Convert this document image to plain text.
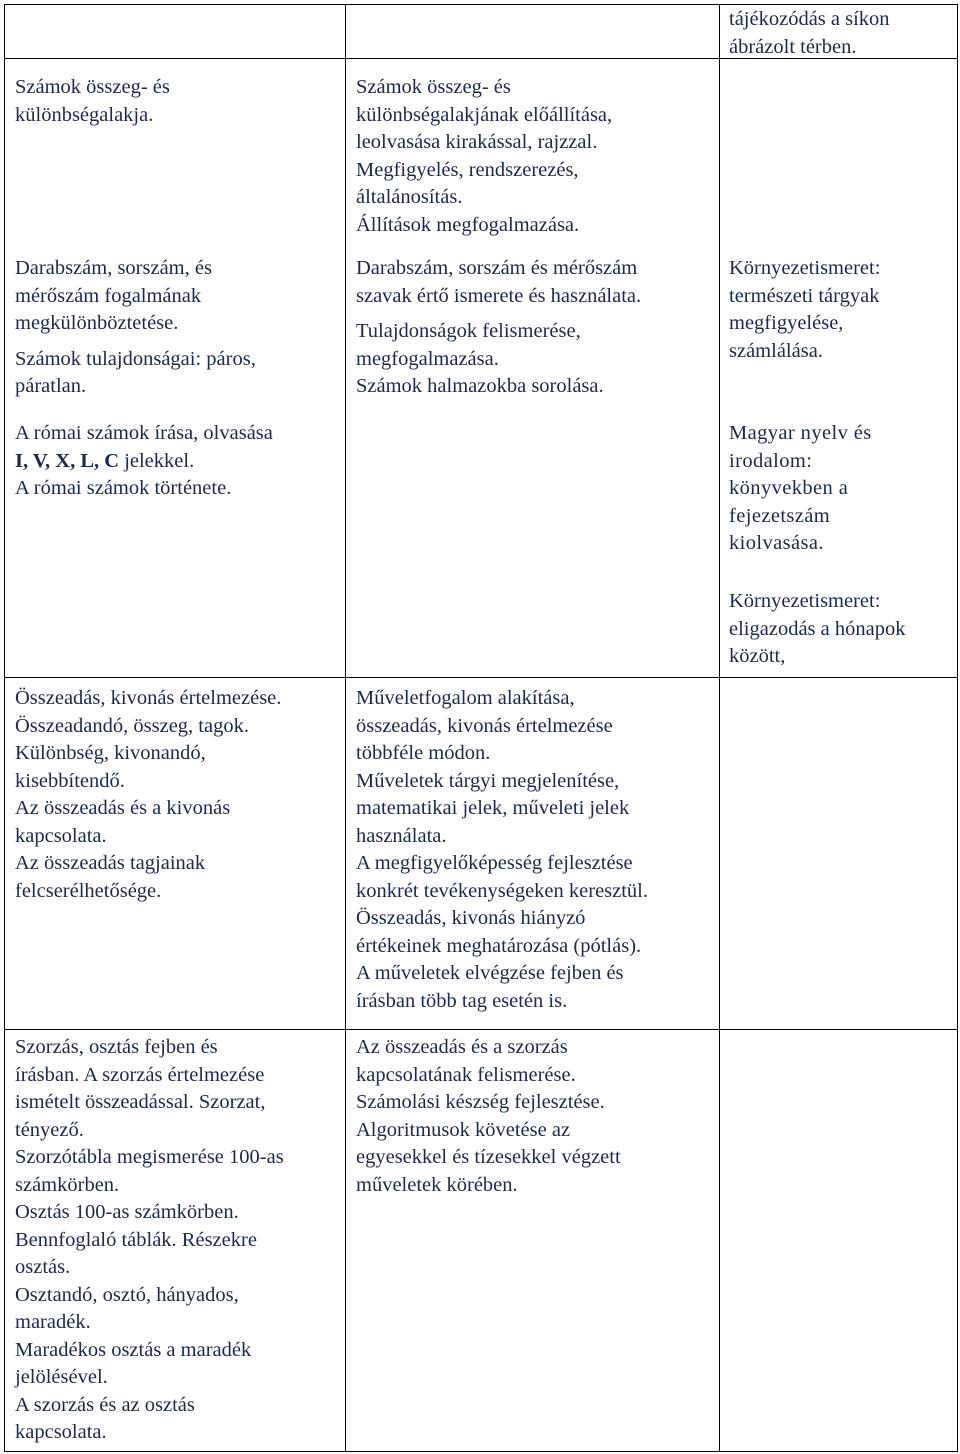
tájékozódás a síkon

ábrázolt térben.

Számok összeg- és

különbségalakja.

Darabszám, sorszám, és

mérőszám fogalmának

megkülönböztetése.

Számok tulajdonságai: páros,

páratlan.

A római számok írása, olvasása

I, V, X, L, C jelekkel.

A római számok története.

Számok összeg- és

különbségalakjának előállítása,

leolvasása kirakással, rajzzal.

Megfigyelés, rendszerezés,

általánosítás.

Állítások megfogalmazása.

Darabszám, sorszám és mérőszám

szavak értő ismerete és használata.

Tulajdonságok felismerése,

megfogalmazása.

Számok halmazokba sorolása.

Környezetismeret:

természeti tárgyak

megfigyelése,

számlálása.

Magyar nyelv és

irodalom:

könyvekben a

fejezetszám

kiolvasása.

Környezetismeret:

eligazodás a hónapok

között,

Összeadás, kivonás értelmezése.

Összeadandó, összeg, tagok.

Különbség, kivonandó,

kisebbítendő.

Az összeadás és a kivonás

kapcsolata.

Az összeadás tagjainak

felcserélhetősége.

Műveletfogalom alakítása,

összeadás, kivonás értelmezése

többféle módon.

Műveletek tárgyi megjelenítése,

matematikai jelek, műveleti jelek

használata.

A megfigyelőképesség fejlesztése

konkrét tevékenységeken keresztül.

Összeadás, kivonás hiányzó

értékeinek meghatározása (pótlás).

A műveletek elvégzése fejben és

írásban több tag esetén is.

Szorzás, osztás fejben és

írásban. A szorzás értelmezése

ismételt összeadással. Szorzat,

tényező.

Szorzótábla megismerése 100-as

számkörben.

Osztás 100-as számkörben.

Bennfoglaló táblák. Részekre

osztás.

Osztandó, osztó, hányados,

maradék.

Maradékos osztás a maradék

jelölésével.

A szorzás és az osztás

kapcsolata.

Az összeadás és a szorzás

kapcsolatának felismerése.

Számolási készség fejlesztése.

Algoritmusok követése az

egyesekkel és tízesekkel végzett

műveletek körében.
